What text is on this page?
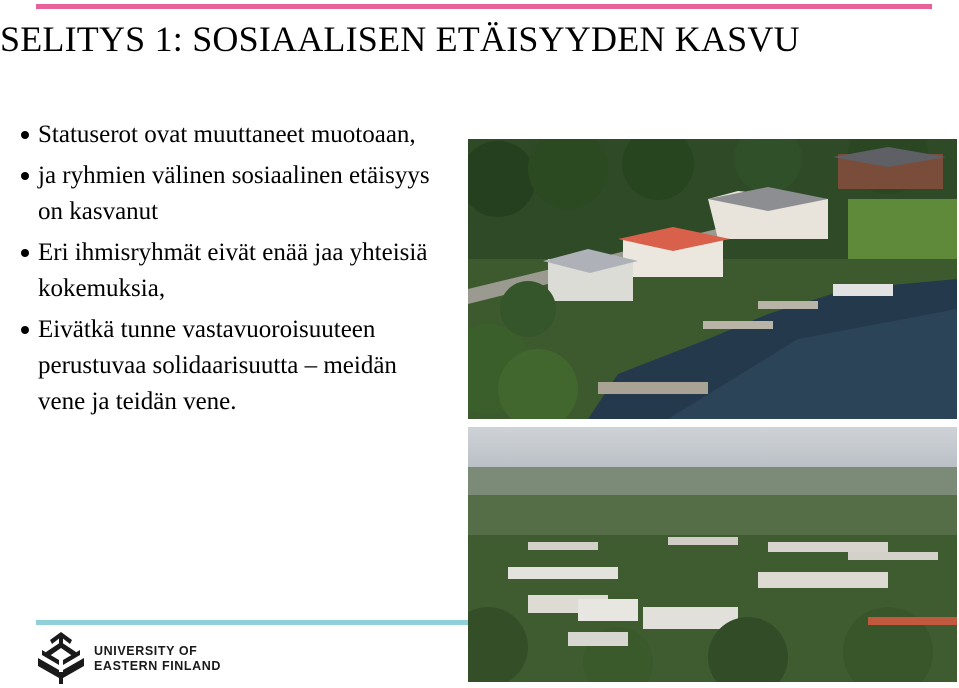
SELITYS 1: SOSIAALISEN ETÄISYYDEN KASVU
Statuserot ovat muuttaneet muotoaan,
ja ryhmien välinen sosiaalinen etäisyys on kasvanut
Eri ihmisryhmät eivät enää jaa yhteisiä kokemuksia,
Eivätkä tunne vastavuoroisuuteen perustuvaa solidaarisuutta – meidän vene ja teidän vene.
UNIVERSITY OF
EASTERN FINLAND
